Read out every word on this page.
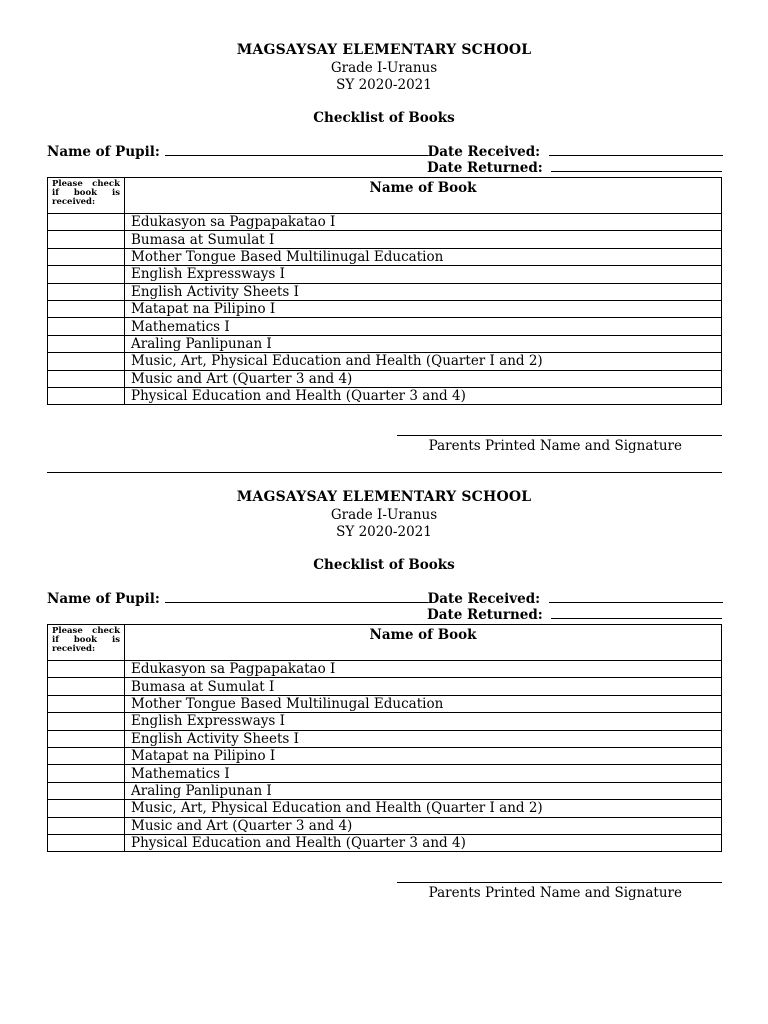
MAGSAYSAY ELEMENTARY SCHOOL
Grade I-Uranus
SY 2020-2021
Checklist of Books
Name of Pupil:	Date Received:
Date Returned:
Please check if book is received:	Name of Book
	Edukasyon sa Pagpapakatao I
	Bumasa at Sumulat I
	Mother Tongue Based Multilinugal Education
	English Expressways I
	English Activity Sheets I
	Matapat na Pilipino I
	Mathematics I
	Araling Panlipunan I
	Music, Art, Physical Education and Health (Quarter I and 2)
	Music and Art (Quarter 3 and 4)
	Physical Education and Health (Quarter 3 and 4)
Parents Printed Name and Signature
MAGSAYSAY ELEMENTARY SCHOOL
Grade I-Uranus
SY 2020-2021
Checklist of Books
Name of Pupil:	Date Received:
Date Returned:
Please check if book is received:	Name of Book
	Edukasyon sa Pagpapakatao I
	Bumasa at Sumulat I
	Mother Tongue Based Multilinugal Education
	English Expressways I
	English Activity Sheets I
	Matapat na Pilipino I
	Mathematics I
	Araling Panlipunan I
	Music, Art, Physical Education and Health (Quarter I and 2)
	Music and Art (Quarter 3 and 4)
	Physical Education and Health (Quarter 3 and 4)
Parents Printed Name and Signature
